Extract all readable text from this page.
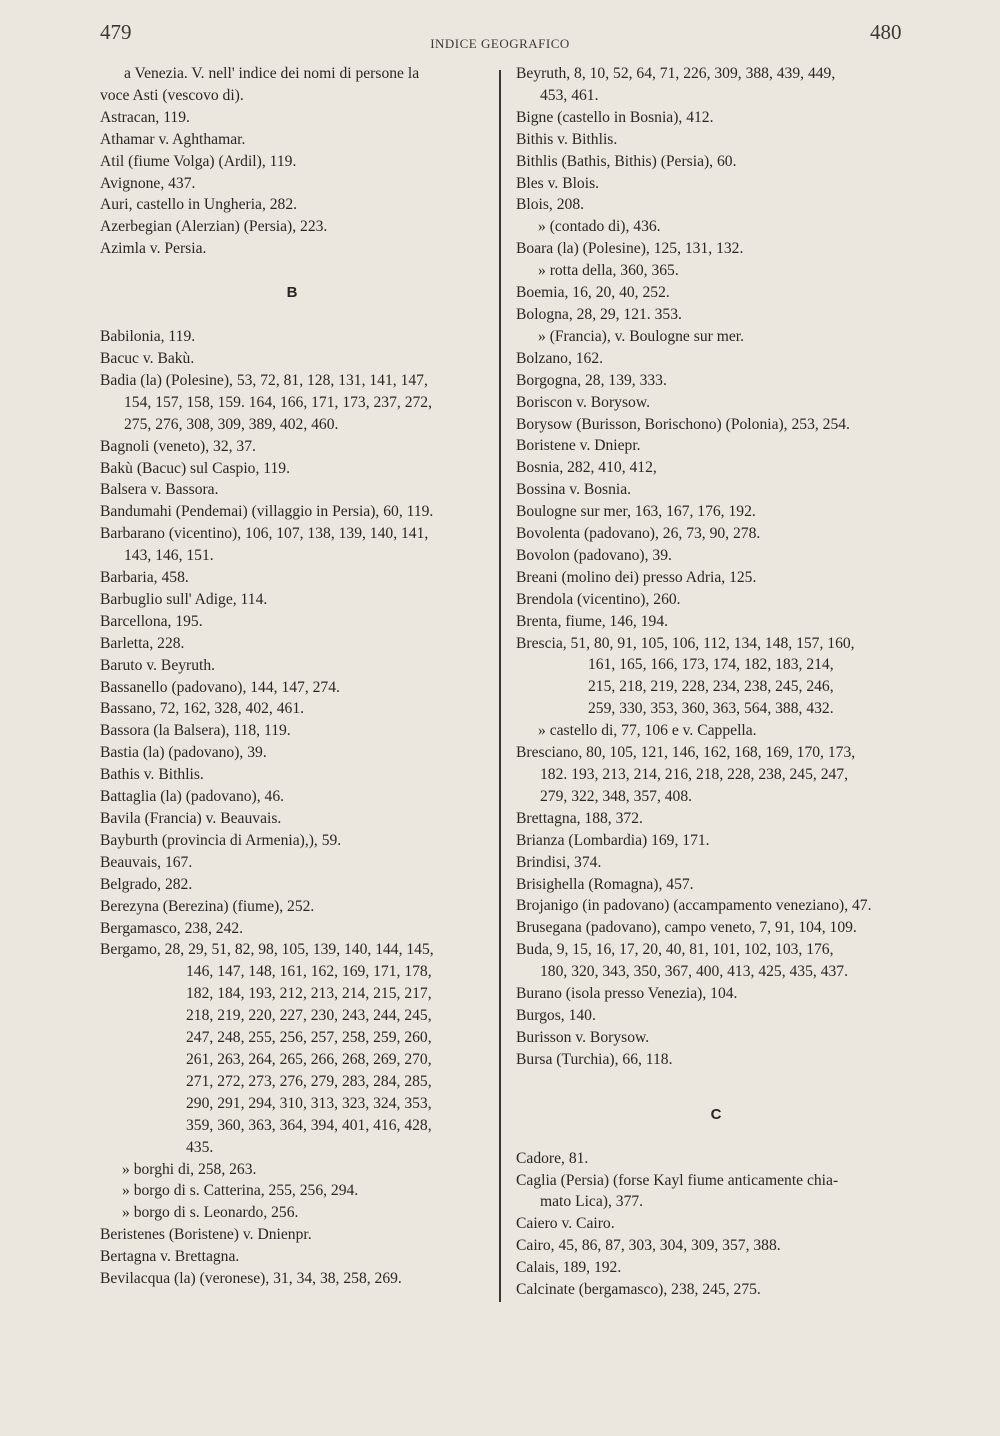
479	INDICE GEOGRAFICO	480
a Venezia. V. nell' indice dei nomi di persone la
voce Asti (vescovo di).
Astracan, 119.
Athamar v. Aghthamar.
Atil (fiume Volga) (Ardil), 119.
Avignone, 437.
Auri, castello in Ungheria, 282.
Azerbegian (Alerzian) (Persia), 223.
Azimla v. Persia.
B
Babilonia, 119.
Bacuc v. Bakù.
Badia (la) (Polesine), 53, 72, 81, 128, 131, 141, 147,
154, 157, 158, 159. 164, 166, 171, 173, 237, 272,
275, 276, 308, 309, 389, 402, 460.
Bagnoli (veneto), 32, 37.
Bakù (Bacuc) sul Caspio, 119.
Balsera v. Bassora.
Bandumahi (Pendemai) (villaggio in Persia), 60, 119.
Barbarano (vicentino), 106, 107, 138, 139, 140, 141,
143, 146, 151.
Barbaria, 458.
Barbuglio sull' Adige, 114.
Barcellona, 195.
Barletta, 228.
Baruto v. Beyruth.
Bassanello (padovano), 144, 147, 274.
Bassano, 72, 162, 328, 402, 461.
Bassora (la Balsera), 118, 119.
Bastia (la) (padovano), 39.
Bathis v. Bithlis.
Battaglia (la) (padovano), 46.
Bavila (Francia) v. Beauvais.
Bayburth (provincia di Armenia),), 59.
Beauvais, 167.
Belgrado, 282.
Berezyna (Berezina) (fiume), 252.
Bergamasco, 238, 242.
Bergamo, 28, 29, 51, 82, 98, 105, 139, 140, 144, 145,
146, 147, 148, 161, 162, 169, 171, 178,
182, 184, 193, 212, 213, 214, 215, 217,
218, 219, 220, 227, 230, 243, 244, 245,
247, 248, 255, 256, 257, 258, 259, 260,
261, 263, 264, 265, 266, 268, 269, 270,
271, 272, 273, 276, 279, 283, 284, 285,
290, 291, 294, 310, 313, 323, 324, 353,
359, 360, 363, 364, 394, 401, 416, 428,
435.
» borghi di, 258, 263.
» borgo di s. Catterina, 255, 256, 294.
» borgo di s. Leonardo, 256.
Beristenes (Boristene) v. Dnienpr.
Bertagna v. Brettagna.
Bevilacqua (la) (veronese), 31, 34, 38, 258, 269.
Beyruth, 8, 10, 52, 64, 71, 226, 309, 388, 439, 449,
453, 461.
Bigne (castello in Bosnia), 412.
Bithis v. Bithlis.
Bithlis (Bathis, Bithis) (Persia), 60.
Bles v. Blois.
Blois, 208.
» (contado di), 436.
Boara (la) (Polesine), 125, 131, 132.
» rotta della, 360, 365.
Boemia, 16, 20, 40, 252.
Bologna, 28, 29, 121. 353.
» (Francia), v. Boulogne sur mer.
Bolzano, 162.
Borgogna, 28, 139, 333.
Boriscon v. Borysow.
Borysow (Burisson, Borischono) (Polonia), 253, 254.
Boristene v. Dniepr.
Bosnia, 282, 410, 412,
Bossina v. Bosnia.
Boulogne sur mer, 163, 167, 176, 192.
Bovolenta (padovano), 26, 73, 90, 278.
Bovolon (padovano), 39.
Breani (molino dei) presso Adria, 125.
Brendola (vicentino), 260.
Brenta, fiume, 146, 194.
Brescia, 51, 80, 91, 105, 106, 112, 134, 148, 157, 160,
161, 165, 166, 173, 174, 182, 183, 214,
215, 218, 219, 228, 234, 238, 245, 246,
259, 330, 353, 360, 363, 564, 388, 432.
» castello di, 77, 106 e v. Cappella.
Bresciano, 80, 105, 121, 146, 162, 168, 169, 170, 173,
182. 193, 213, 214, 216, 218, 228, 238, 245, 247,
279, 322, 348, 357, 408.
Brettagna, 188, 372.
Brianza (Lombardia) 169, 171.
Brindisi, 374.
Brisighella (Romagna), 457.
Brojanigo (in padovano) (accampamento veneziano), 47.
Brusegana (padovano), campo veneto, 7, 91, 104, 109.
Buda, 9, 15, 16, 17, 20, 40, 81, 101, 102, 103, 176,
180, 320, 343, 350, 367, 400, 413, 425, 435, 437.
Burano (isola presso Venezia), 104.
Burgos, 140.
Burisson v. Borysow.
Bursa (Turchia), 66, 118.
C
Cadore, 81.
Caglia (Persia) (forse Kayl fiume anticamente chia-
mato Lica), 377.
Caiero v. Cairo.
Cairo, 45, 86, 87, 303, 304, 309, 357, 388.
Calais, 189, 192.
Calcinate (bergamasco), 238, 245, 275.
